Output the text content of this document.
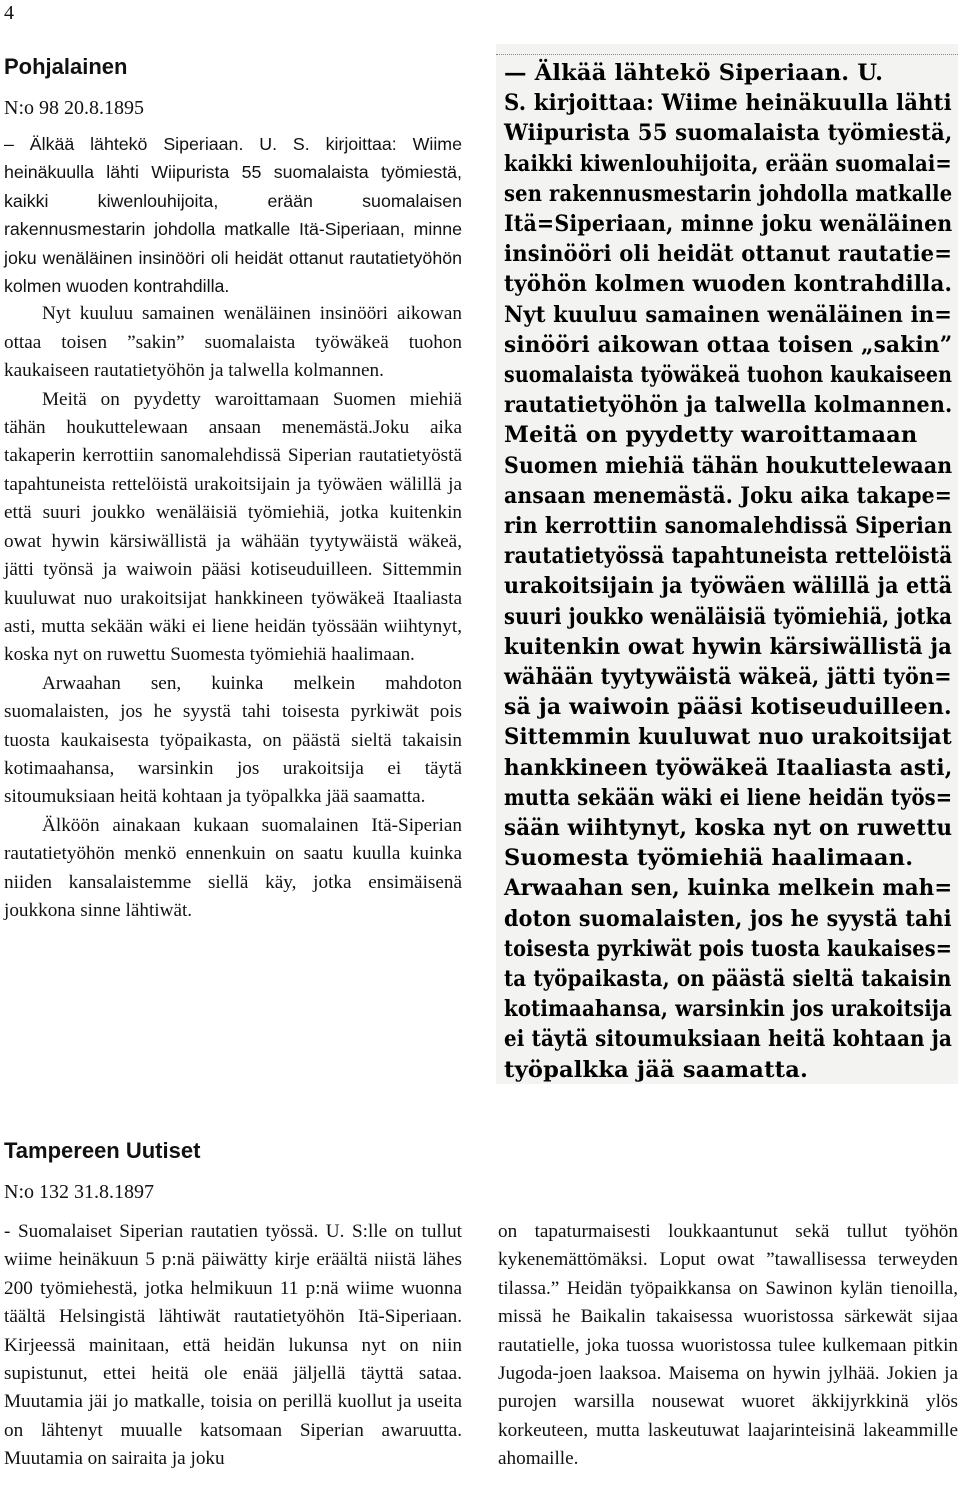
4
Pohjalainen
N:o 98 20.8.1895

– Älkää lähtekö Siperiaan. U. S. kirjoittaa: Wiime heinäkuulla lähti Wiipurista 55 suomalaista työmiestä, kaikki kiwenlouhijoita, erään suomalaisen rakennusmestarin johdolla matkalle Itä-Siperiaan, minne joku wenäläinen insinööri oli heidät ottanut rautatietyöhön kolmen wuoden kontrahdilla.

Nyt kuuluu samainen wenäläinen insinööri aikowan ottaa toisen ”sakin” suomalaista työwäkeä tuohon kaukaiseen rautatietyöhön ja talwella kolmannen.

Meitä on pyydetty waroittamaan Suomen miehiä tähän houkuttelewaan ansaan menemästä.Joku aika takaperin kerrottiin sanomalehdissä Siperian rautatietyöstä tapahtuneista rettelöistä urakoitsijain ja työwäen wälillä ja että suuri joukko wenäläisiä työmiehiä, jotka kuitenkin owat hywin kärsiwällistä ja wähään tyytywäistä wäkeä, jätti työnsä ja waiwoin pääsi kotiseuduilleen. Sittemmin kuuluwat nuo urakoitsijat hankkineen työwäkeä Itaaliasta asti, mutta sekään wäki ei liene heidän työssään wiihtynyt, koska nyt on ruwettu Suomesta työmiehiä haalimaan.

Arwaahan sen, kuinka melkein mahdoton suomalaisten, jos he syystä tahi toisesta pyrkiwät pois tuosta kaukaisesta työpaikasta, on päästä sieltä takaisin kotimaahansa, warsinkin jos urakoitsija ei täytä sitoumuksiaan heitä kohtaan ja työpalkka jää saamatta.

Älköön ainakaan kukaan suomalainen Itä-Siperian rautatietyöhön menkö ennenkuin on saatu kuulla kuinka niiden kansalaistemme siellä käy, jotka ensimäisenä joukkona sinne lähtiwät.

— Älkää lähtekö Siperiaan. U.
S. kirjoittaa: Wiime heinäkuulla lähti
Wiipurista 55 suomalaista työmiestä,
kaikki kiwenlouhijoita, erään suomalai=
sen rakennusmestarin johdolla matkalle
Itä=Siperiaan, minne joku wenäläinen
insinööri oli heidät ottanut rautatie=
työhön kolmen wuoden kontrahdilla.
Nyt kuuluu samainen wenäläinen in=
sinööri aikowan ottaa toisen „sakin”
suomalaista työwäkeä tuohon kaukaiseen
rautatietyöhön ja talwella kolmannen.
Meitä on pyydetty waroittamaan
Suomen miehiä tähän houkuttelewaan
ansaan menemästä. Joku aika takape=
rin kerrottiin sanomalehdissä Siperian
rautatietyössä tapahtuneista rettelöistä
urakoitsijain ja työwäen wälillä ja että
suuri joukko wenäläisiä työmiehiä, jotka
kuitenkin owat hywin kärsiwällistä ja
wähään tyytywäistä wäkeä, jätti työn=
sä ja waiwoin pääsi kotiseuduilleen.
Sittemmin kuuluwat nuo urakoitsijat
hankkineen työwäkeä Itaaliasta asti,
mutta sekään wäki ei liene heidän työs=
sään wiihtynyt, koska nyt on ruwettu
Suomesta työmiehiä haalimaan.
Arwaahan sen, kuinka melkein mah=
doton suomalaisten, jos he syystä tahi
toisesta pyrkiwät pois tuosta kaukaises=
ta työpaikasta, on päästä sieltä takaisin
kotimaahansa, warsinkin jos urakoitsija
ei täytä sitoumuksiaan heitä kohtaan ja
työpalkka jää saamatta.
Tampereen Uutiset
N:o 132 31.8.1897

- Suomalaiset Siperian rautatien työssä. U. S:lle on tullut wiime heinäkuun 5 p:nä päiwätty kirje eräältä niistä lähes 200 työmiehestä, jotka helmikuun 11 p:nä wiime wuonna täältä Helsingistä lähtiwät rautatietyöhön Itä-Siperiaan. Kirjeessä mainitaan, että heidän lukunsa nyt on niin supistunut, ettei heitä ole enää jäljellä täyttä sataa. Muutamia jäi jo matkalle, toisia on perillä kuollut ja useita on lähtenyt muualle katsomaan Siperian awaruutta. Muutamia on sairaita ja joku

on tapaturmaisesti loukkaantunut sekä tullut työhön kykenemättömäksi. Loput owat ”tawallisessa terweyden tilassa.” Heidän työpaikkansa on Sawinon kylän tienoilla, missä he Baikalin takaisessa wuoristossa särkewät sijaa rautatielle, joka tuossa wuoristossa tulee kulkemaan pitkin Jugoda-joen laaksoa. Maisema on hywin jylhää. Jokien ja purojen warsilla nousewat wuoret äkkijyrkkinä ylös korkeuteen, mutta laskeutuwat laajarinteisinä lakeammille ahomaille.
